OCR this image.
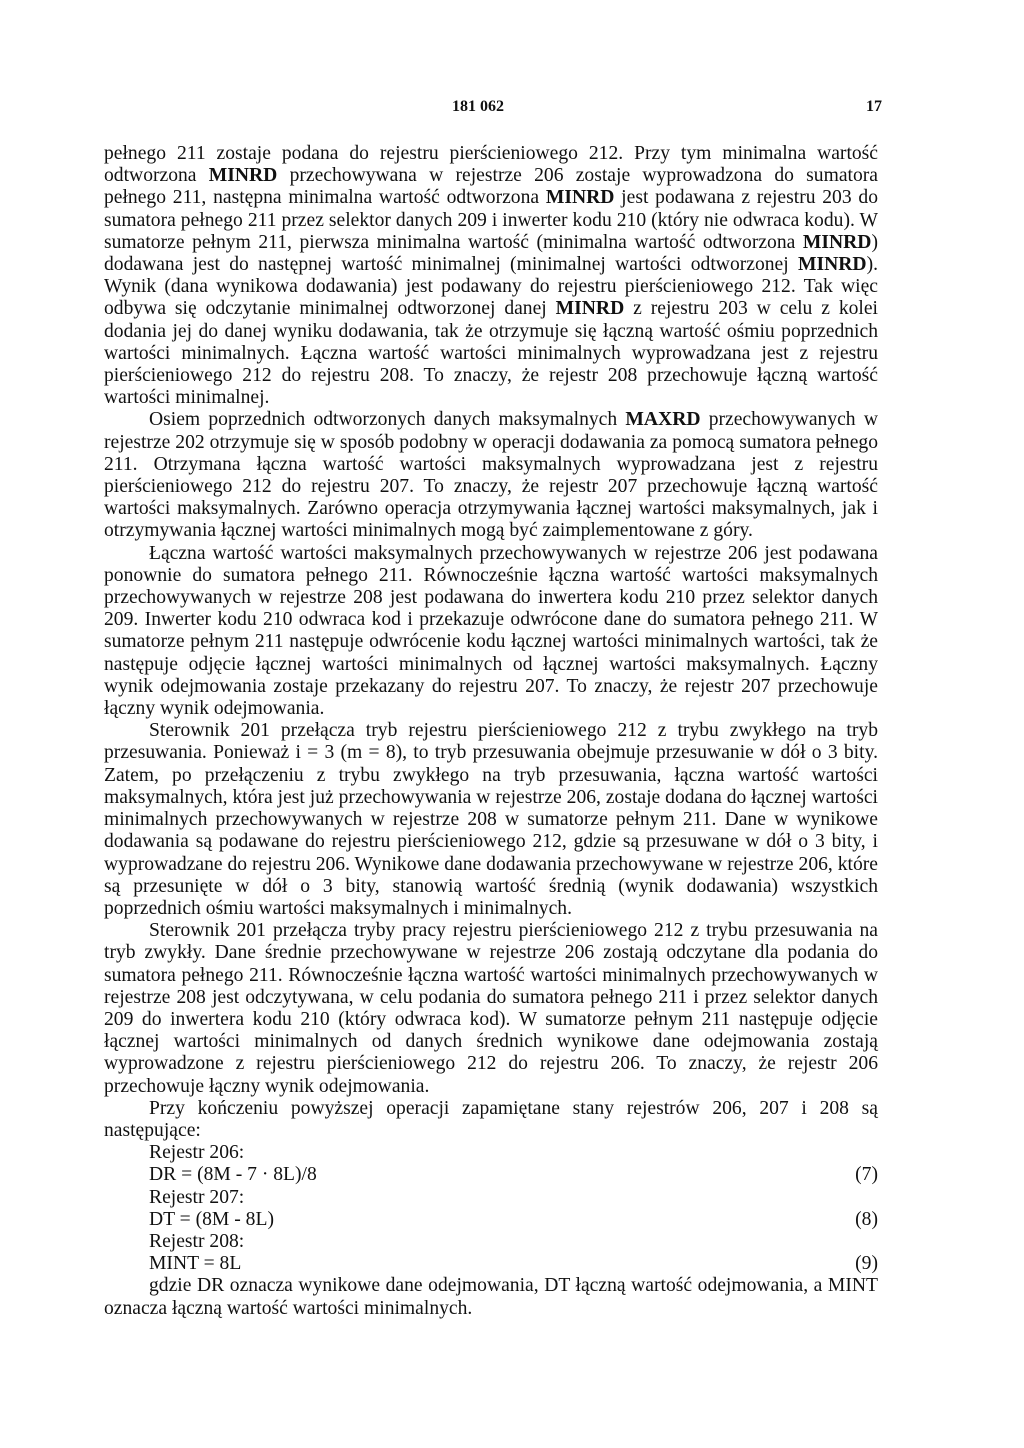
181 062	17

pełnego 211 zostaje podana do rejestru pierścieniowego 212. Przy tym minimalna wartość odtworzona MINRD przechowywana w rejestrze 206 zostaje wyprowadzona do sumatora pełnego 211, następna minimalna wartość odtworzona MINRD jest podawana z rejestru 203 do sumatora pełnego 211 przez selektor danych 209 i inwerter kodu 210 (który nie odwraca kodu). W sumatorze pełnym 211, pierwsza minimalna wartość (minimalna wartość odtworzona MINRD) dodawana jest do następnej wartość minimalnej (minimalnej wartości odtworzonej MINRD). Wynik (dana wynikowa dodawania) jest podawany do rejestru pierścieniowego 212. Tak więc odbywa się odczytanie minimalnej odtworzonej danej MINRD z rejestru 203 w celu z kolei dodania jej do danej wyniku dodawania, tak że otrzymuje się łączną wartość ośmiu poprzednich wartości minimalnych. Łączna wartość wartości minimalnych wyprowadzana jest z rejestru pierścieniowego 212 do rejestru 208. To znaczy, że rejestr 208 przechowuje łączną wartość wartości minimalnej.

Osiem poprzednich odtworzonych danych maksymalnych MAXRD przechowywanych w rejestrze 202 otrzymuje się w sposób podobny w operacji dodawania za pomocą sumatora pełnego 211. Otrzymana łączna wartość wartości maksymalnych wyprowadzana jest z rejestru pierścieniowego 212 do rejestru 207. To znaczy, że rejestr 207 przechowuje łączną wartość wartości maksymalnych. Zarówno operacja otrzymywania łącznej wartości maksymalnych, jak i otrzymywania łącznej wartości minimalnych mogą być zaimplementowane z góry.

Łączna wartość wartości maksymalnych przechowywanych w rejestrze 206 jest podawana ponownie do sumatora pełnego 211. Równocześnie łączna wartość wartości maksymalnych przechowywanych w rejestrze 208 jest podawana do inwertera kodu 210 przez selektor danych 209. Inwerter kodu 210 odwraca kod i przekazuje odwrócone dane do sumatora pełnego 211. W sumatorze pełnym 211 następuje odwrócenie kodu łącznej wartości minimalnych wartości, tak że następuje odjęcie łącznej wartości minimalnych od łącznej wartości maksymalnych. Łączny wynik odejmowania zostaje przekazany do rejestru 207. To znaczy, że rejestr 207 przechowuje łączny wynik odejmowania.

Sterownik 201 przełącza tryb rejestru pierścieniowego 212 z trybu zwykłego na tryb przesuwania. Ponieważ i = 3 (m = 8), to tryb przesuwania obejmuje przesuwanie w dół o 3 bity. Zatem, po przełączeniu z trybu zwykłego na tryb przesuwania, łączna wartość wartości maksymalnych, która jest już przechowywania w rejestrze 206, zostaje dodana do łącznej wartości minimalnych przechowywanych w rejestrze 208 w sumatorze pełnym 211. Dane w wynikowe dodawania są podawane do rejestru pierścieniowego 212, gdzie są przesuwane w dół o 3 bity, i wyprowadzane do rejestru 206. Wynikowe dane dodawania przechowywane w rejestrze 206, które są przesunięte w dół o 3 bity, stanowią wartość średnią (wynik dodawania) wszystkich poprzednich ośmiu wartości maksymalnych i minimalnych.

Sterownik 201 przełącza tryby pracy rejestru pierścieniowego 212 z trybu przesuwania na tryb zwykły. Dane średnie przechowywane w rejestrze 206 zostają odczytane dla podania do sumatora pełnego 211. Równocześnie łączna wartość wartości minimalnych przechowywanych w rejestrze 208 jest odczytywana, w celu podania do sumatora pełnego 211 i przez selektor danych 209 do inwertera kodu 210 (który odwraca kod). W sumatorze pełnym 211 następuje odjęcie łącznej wartości minimalnych od danych średnich wynikowe dane odejmowania zostają wyprowadzone z rejestru pierścieniowego 212 do rejestru 206. To znaczy, że rejestr 206 przechowuje łączny wynik odejmowania.

Przy kończeniu powyższej operacji zapamiętane stany rejestrów 206, 207 i 208 są następujące:

Rejestr 206:
DR = (8M - 7 · 8L)/8	(7)
Rejestr 207:
DT = (8M - 8L)	(8)
Rejestr 208:
MINT = 8L	(9)

gdzie DR oznacza wynikowe dane odejmowania, DT łączną wartość odejmowania, a MINT oznacza łączną wartość wartości minimalnych.
